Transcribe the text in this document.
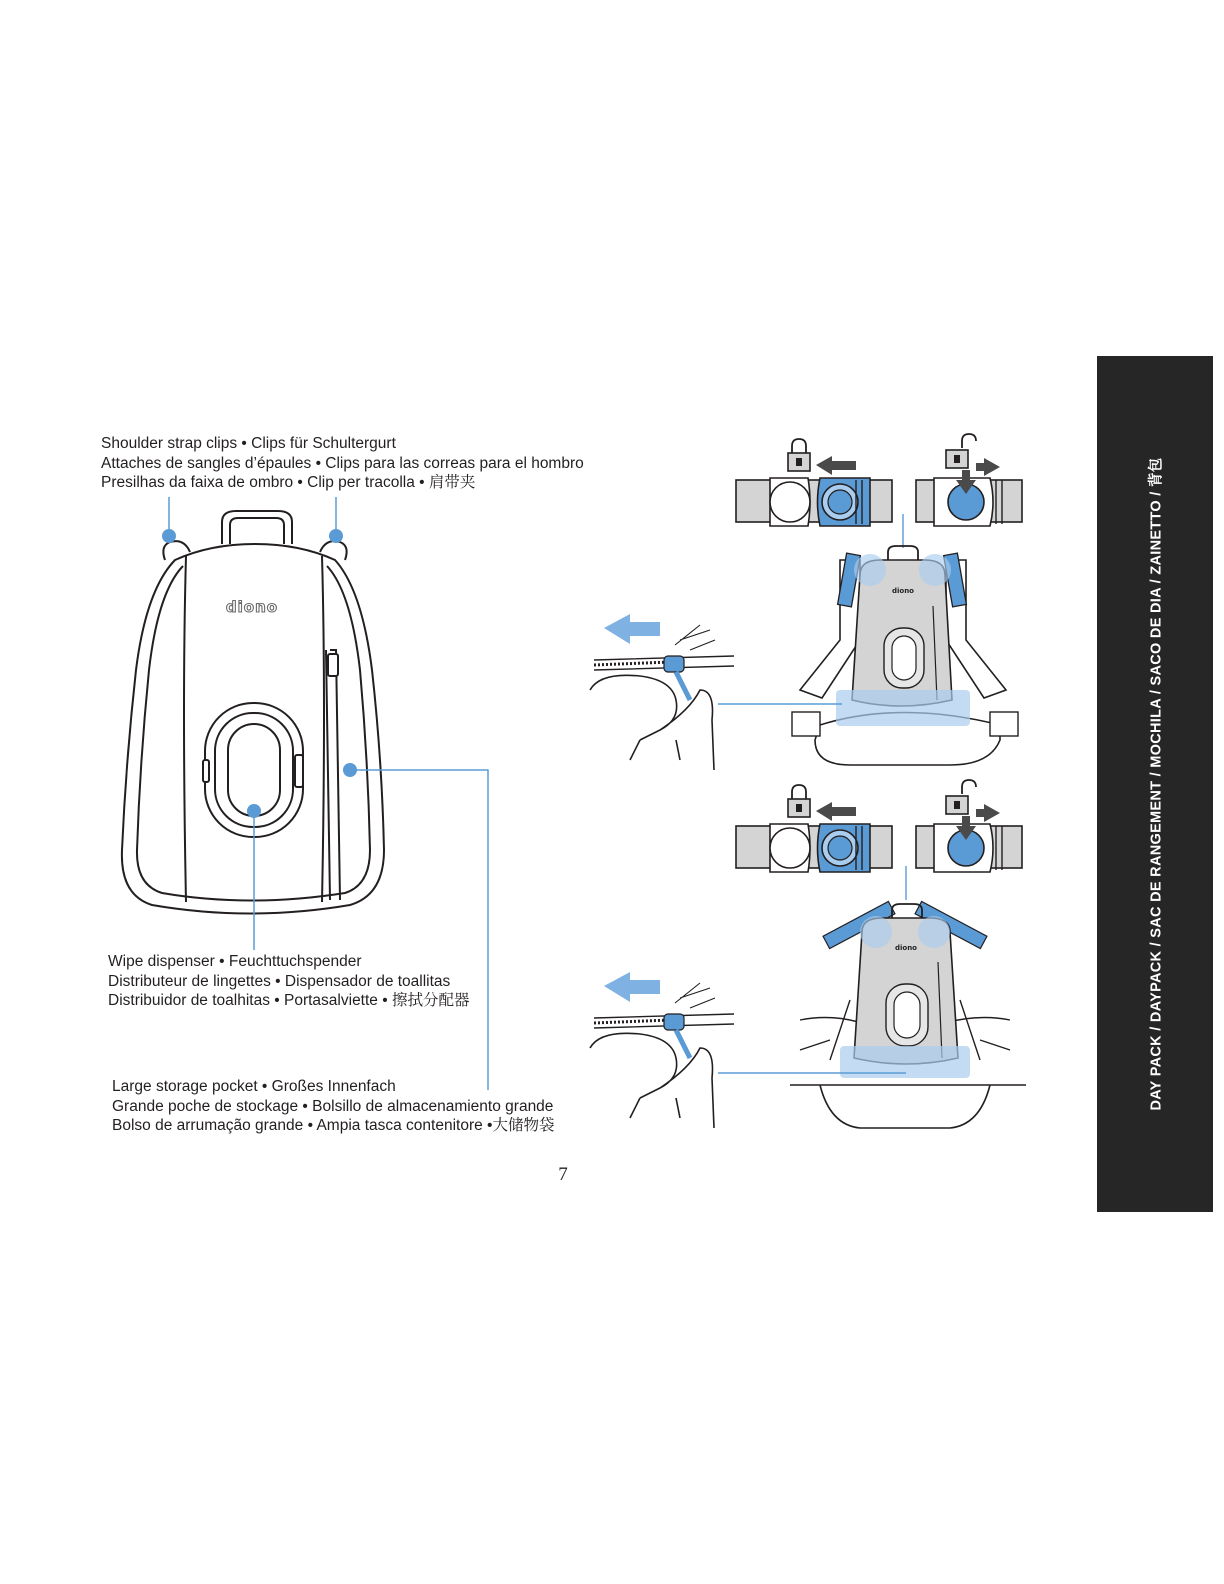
diono
diono
diono
Shoulder strap clips • Clips für Schultergurt
Attaches de sangles d’épaules • Clips para las correas para el hombro
Presilhas da faixa de ombro • Clip per tracolla • 肩带夹
Wipe dispenser • Feuchttuchspender
Distributeur de lingettes • Dispensador de toallitas
Distribuidor de toalhitas • Portasalviette • 擦拭分配器
Large storage pocket • Großes Innenfach
Grande poche de stockage • Bolsillo de almacenamiento grande
Bolso de arrumação grande • Ampia tasca contenitore •大储物袋
7
DAY PACK / DAYPACK / SAC DE RANGEMENT / MOCHILA / SACO DE DIA / ZAINETTO / 背包
